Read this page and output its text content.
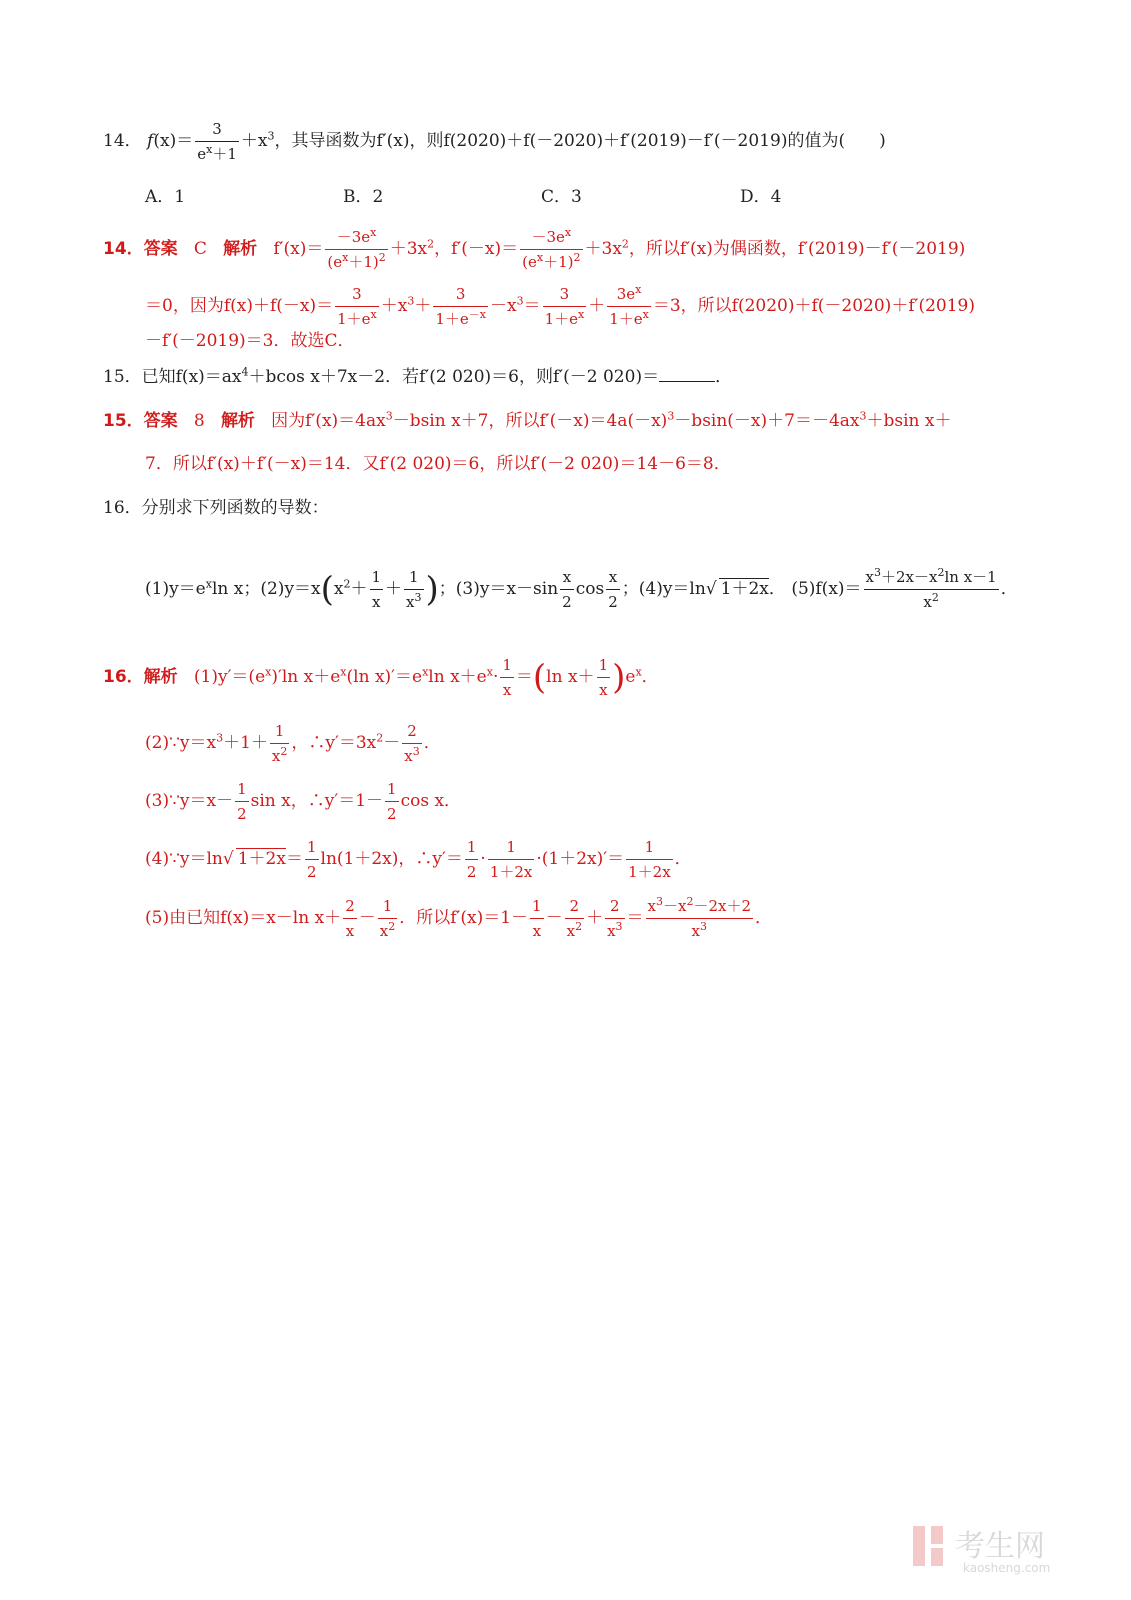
14． $f(x)= \frac{3}{e^x+1} +x^3$，其导函数为f′(x)，则f(2020)＋f(－2020)＋f′(2019)－f′(－2019)的值为(　　)
A．1	B．2	C．3	D．4
14．答案 C 解析 $f'(x)= \frac{-3e^x}{(e^x+1)^2} +3x^2$，$f'(-x)= \frac{-3e^x}{(e^x+1)^2} +3x^2$，所以f′(x)为偶函数，f′(2019)－f′(－2019)
＝0，因为$f(x)+f(-x)= \frac{3}{1+e^x} +x^3+ \frac{3}{1+e^{-x}} -x^3= \frac{3}{1+e^x} + \frac{3e^x}{1+e^x} =3$，所以f(2020)＋f(－2020)＋f′(2019)
－f′(－2019)＝3．故选C．
15．已知$f(x)=ax^4+bcos$ x＋7x－2．若f′(2 020)＝6，则f′(－2 020)＝	．
15．答案 8 解析 因为$f'(x)=4ax^3-bsin$ x＋7，所以$f'(-x)=4a(-x)^3-bsin(-x)+7=-4ax^3+bsin$ x＋
7．所以f′(x)＋f′(－x)＝14．又f′(2 020)＝6，所以f′(－2 020)＝14－6＝8．
16．分别求下列函数的导数：
$(1)y=e^x\ln$ x；$(2)y=x(x^2+ \frac{1}{x} + \frac{1}{x^3}$ )；$(3)y=x-\sin \frac{x}{2}$ $\cos \frac{x}{2}$ ；(4)y＝ln√ 1＋2x． $(5)f(x)= \frac{x^3+2x-x^2\ln x-1}{x^2}$ ．
16．解析 $(1)y'=(e^x)'\ln$ $x+e^x(\ln$ $x)'=e^x\ln$ $x+e^x\cdot \frac{1}{x} =(\ln$ $x+ \frac{1}{x} )e^x$．
$(2)\because y=x^3+1+ \frac{1}{x^2}$ ，$\therefore y'=3x^2- \frac{2}{x^3}$ ．
(3)∵y＝x－ $\frac{1}{2}$ sin x，∴y′＝1－ $\frac{1}{2}$ cos x．
(4)∵y＝ln√ $1+2x= \frac{1}{2} \ln(1+2x)$，∴y′＝ $\frac{1}{2} \cdot \frac{1}{1+2x} \cdot(1+2x)'= \frac{1}{1+2x}$ ．
(5)由已知f(x)＝x－ln $x+ \frac{2}{x} - \frac{1}{x^2}$ ．所以$f'(x)=1- \frac{1}{x} - \frac{2}{x^2} + \frac{2}{x^3} = \frac{x^3-x^2-2x+2}{x^3}$ ．
考生网
kaosheng.com
